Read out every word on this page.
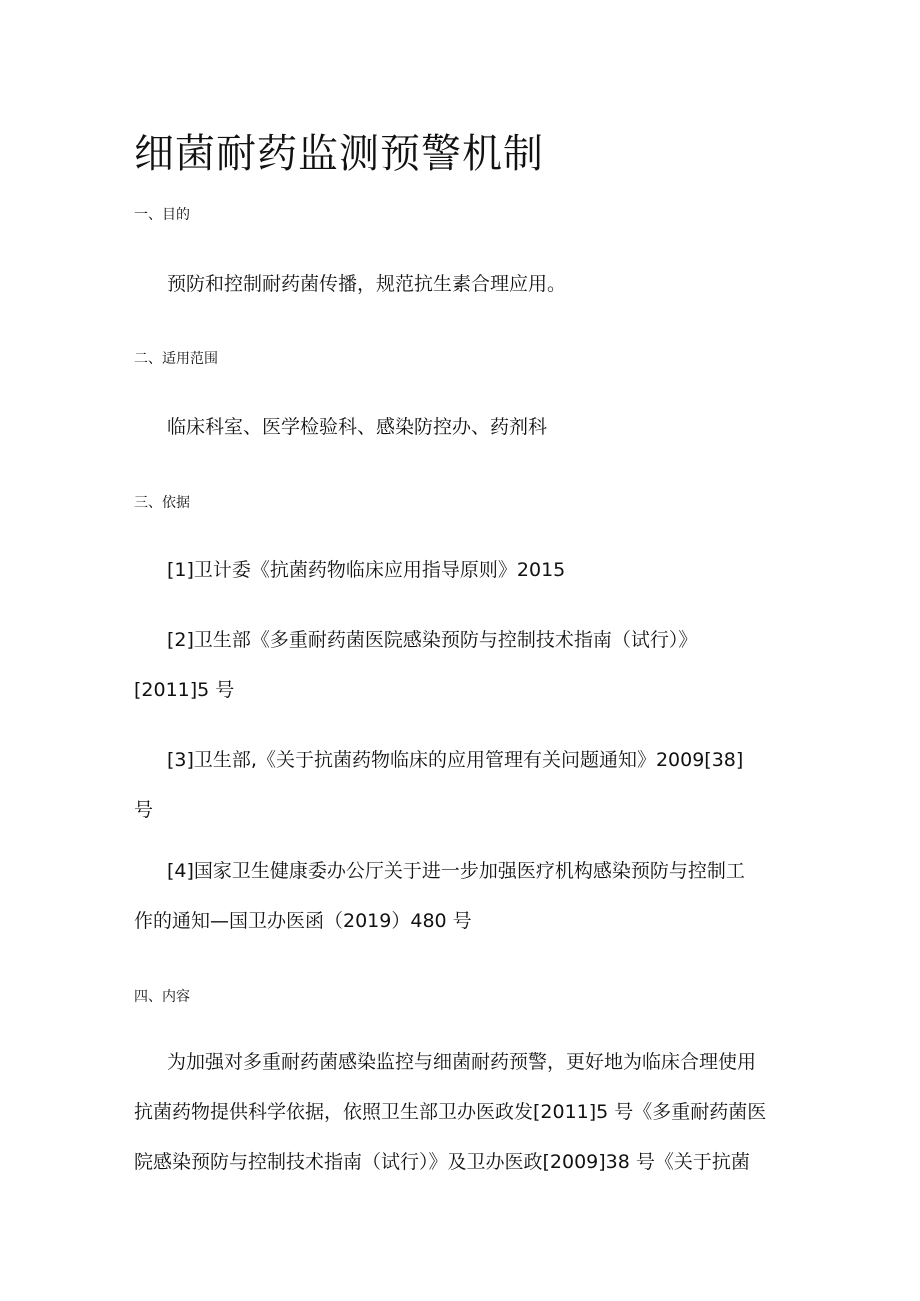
细菌耐药监测预警机制
一、目的

预防和控制耐药菌传播，规范抗生素合理应用。

二、适用范围

临床科室、医学检验科、感染防控办、药剂科

三、依据

[1]卫计委《抗菌药物临床应用指导原则》2015

[2]卫生部《多重耐药菌医院感染预防与控制技术指南（试行）》
[2011]5 号

[3]卫生部,《关于抗菌药物临床的应用管理有关问题通知》2009[38]
号

[4]国家卫生健康委办公厅关于进一步加强医疗机构感染预防与控制工
作的通知—国卫办医函（2019）480 号

四、内容

为加强对多重耐药菌感染监控与细菌耐药预警，更好地为临床合理使用
抗菌药物提供科学依据，依照卫生部卫办医政发[2011]5 号《多重耐药菌医
院感染预防与控制技术指南（试行）》及卫办医政[2009]38 号《关于抗菌
